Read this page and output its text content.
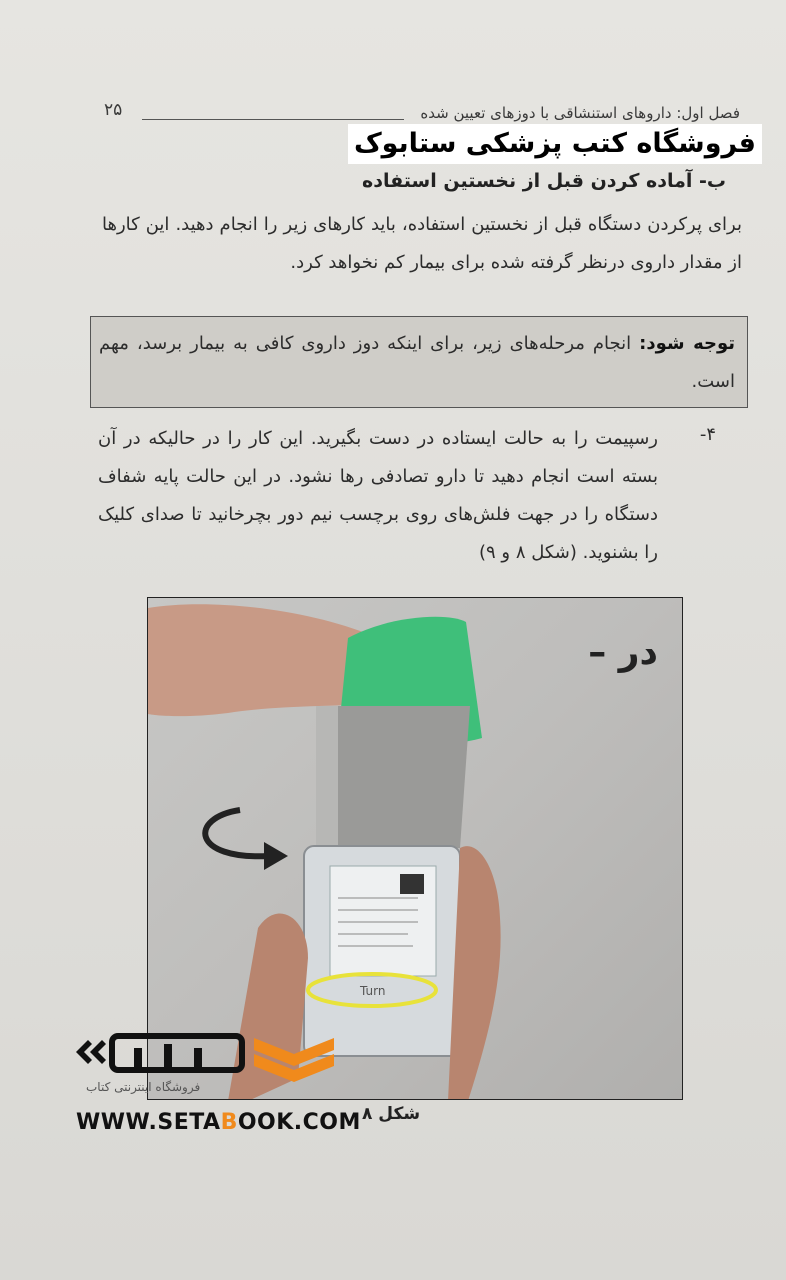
۲۵	فصل اول: داروهای استنشاقی با دوزهای تعیین شده
فروشگاه کتب پزشکی ستابوک
ب- آماده کردن قبل از نخستین استفاده
برای پرکردن دستگاه قبل از نخستین استفاده، باید کارهای زیر را انجام دهید. این کارها از مقدار داروی درنظر گرفته شده برای بیمار کم نخواهد کرد.
توجه شود: انجام مرحله‌های زیر، برای اینکه دوز داروی کافی به بیمار برسد، مهم است.
۴-
رسپیمت را به حالت ایستاده در دست بگیرید. این کار را در حالیکه در آن بسته است انجام دهید تا دارو تصادفی رها نشود. در این حالت پایه شفاف دستگاه را در جهت فلش‌های روی برچسب نیم دور بچرخانید تا صدای کلیک را بشنوید. (شکل ۸ و ۹)
Turn
در –
شکل ۸
فروشگاه اینترنتی کتاب
WWW.SETABOOK.COM
